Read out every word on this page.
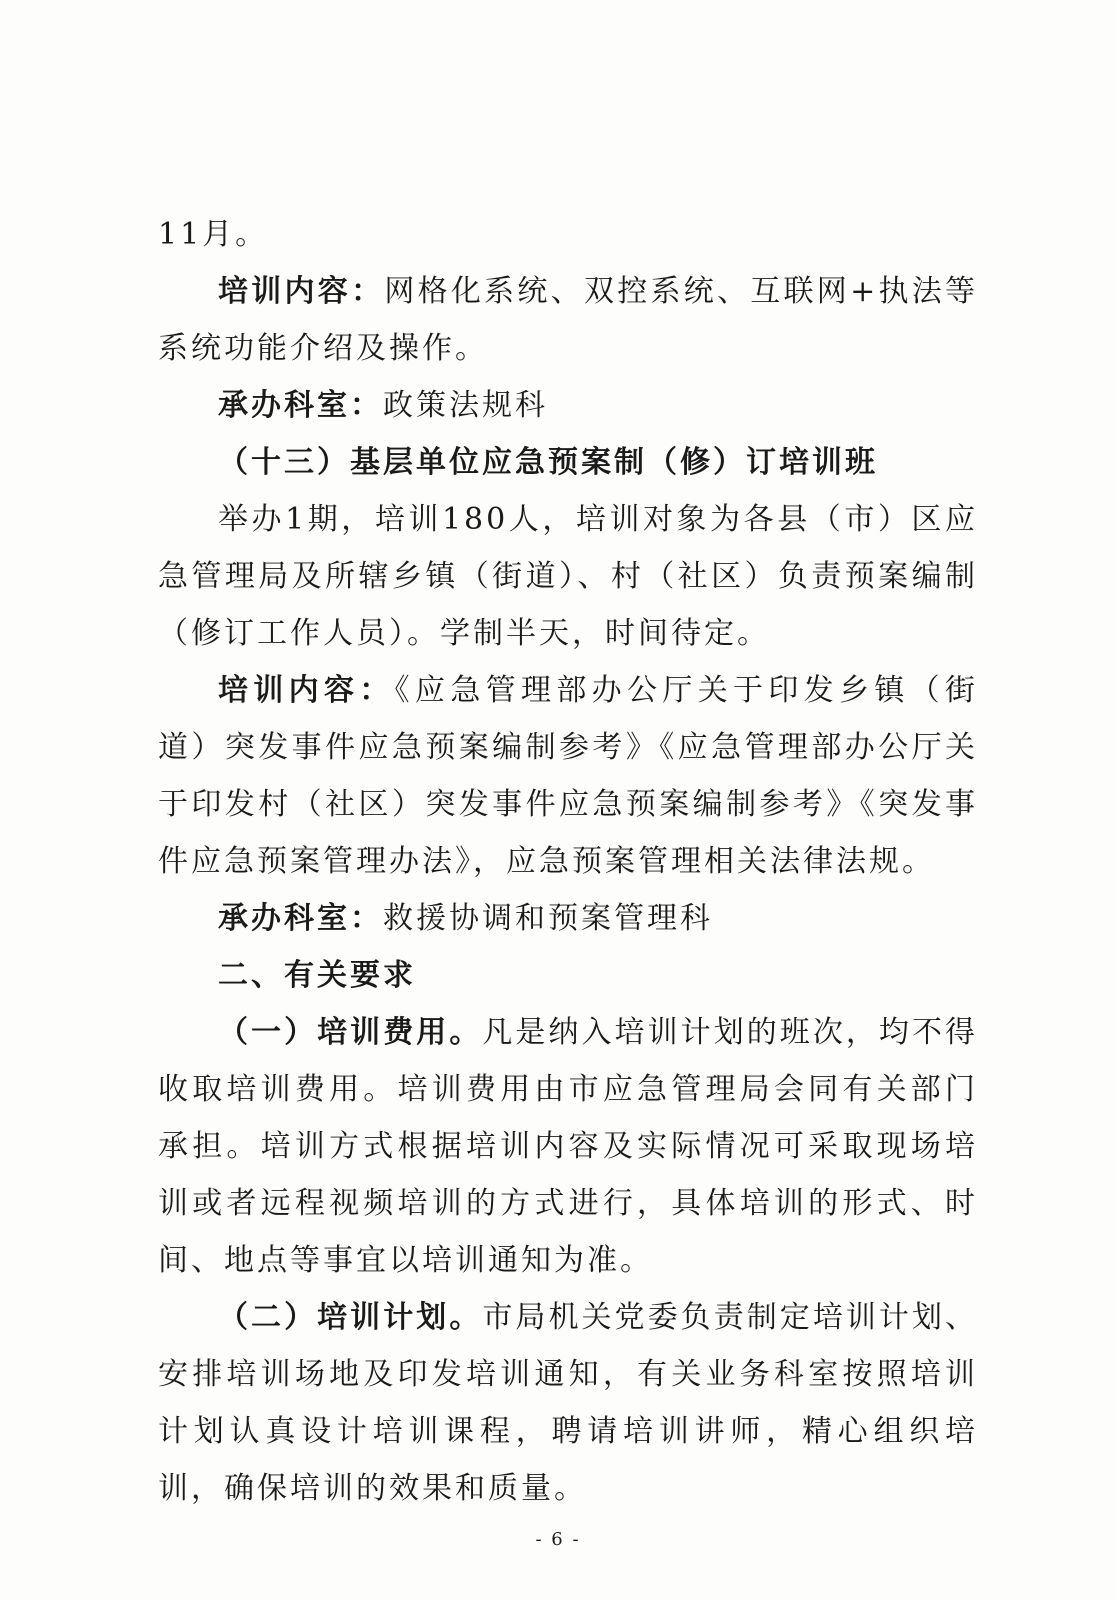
11月。

培训内容：网格化系统、双控系统、互联网+执法等系统功能介绍及操作。

承办科室：政策法规科

（十三）基层单位应急预案制（修）订培训班

举办1期，培训180人，培训对象为各县（市）区应急管理局及所辖乡镇（街道）、村（社区）负责预案编制（修订工作人员）。学制半天，时间待定。

培训内容：《应急管理部办公厅关于印发乡镇（街道）突发事件应急预案编制参考》《应急管理部办公厅关于印发村（社区）突发事件应急预案编制参考》《突发事件应急预案管理办法》，应急预案管理相关法律法规。

承办科室：救援协调和预案管理科

二、有关要求

（一）培训费用。凡是纳入培训计划的班次，均不得收取培训费用。培训费用由市应急管理局会同有关部门承担。培训方式根据培训内容及实际情况可采取现场培训或者远程视频培训的方式进行，具体培训的形式、时间、地点等事宜以培训通知为准。

（二）培训计划。市局机关党委负责制定培训计划、安排培训场地及印发培训通知，有关业务科室按照培训计划认真设计培训课程，聘请培训讲师，精心组织培训，确保培训的效果和质量。

- 6 -
